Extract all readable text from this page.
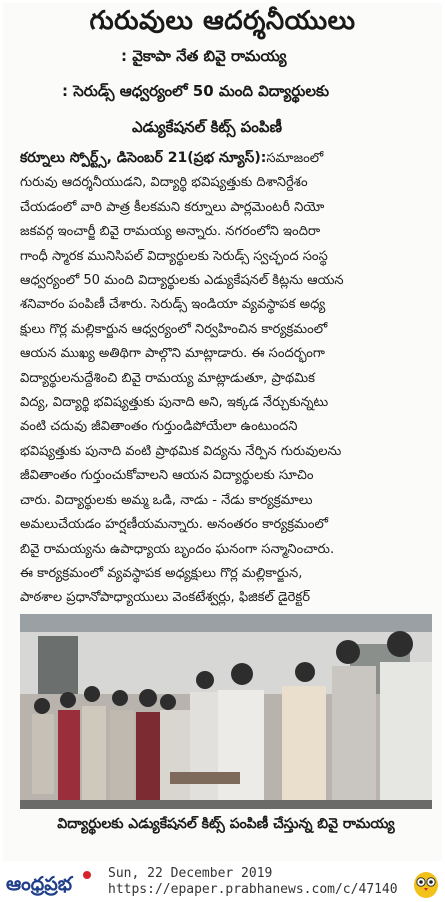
గురువులు ఆదర్శనీయులు
: వైకాపా నేత బివై రామయ్య
: సెరుడ్స్ ఆధ్వర్యంలో 50 మంది విద్యార్థులకు
ఎడ్యుకేషనల్ కిట్స్ పంపిణీ
కర్నూలు స్పోర్ట్స్, డిసెంబర్ 21(ప్రభ న్యూస్):సమాజంలో
గురువు ఆదర్శనీయుడని, విద్యార్థి భవిష్యత్తుకు దిశానిర్దేశం
చేయడంలో వారి పాత్ర కీలకమని కర్నూలు పార్లమెంటరీ నియో
జకవర్గ ఇంచార్జీ బివై రామయ్య అన్నారు. నగరంలోని ఇందిరా
గాంధీ స్మారక మునిసిపల్ విద్యార్థులకు సెరుడ్స్ స్వచ్ఛంద సంస్థ
ఆధ్వర్యంలో 50 మంది విద్యార్థులకు ఎడ్యుకేషనల్ కిట్లను ఆయన
శనివారం పంపిణీ చేశారు. సెరుడ్స్ ఇండియా వ్యవస్థాపక అధ్య
క్షులు గొర్ల మల్లికార్జున ఆధ్వర్యంలో నిర్వహించిన కార్యక్రమంలో
ఆయన ముఖ్య అతిథిగా పాల్గొని మాట్లాడారు. ఈ సందర్భంగా
విద్యార్థులనుద్దేశించి బివై రామయ్య మాట్లాడుతూ, ప్రాథమిక
విద్య, విద్యార్థి భవిష్యత్తుకు పునాది అని, ఇక్కడ నేర్చుకున్నటు
వంటి చదువు జీవితాంతం గుర్తుండిపోయేలా ఉంటుందని
భవిష్యత్తుకు పునాది వంటి ప్రాథమిక విద్యను నేర్పిన గురువులను
జీవితాంతం గుర్తుంచుకోవాలని ఆయన విద్యార్థులకు సూచిం
చారు. విద్యార్థులకు అమ్మ ఒడి, నాడు - నేడు కార్యక్రమాలు
అమలుచేయడం హర్షణీయమన్నారు. అనంతరం కార్యక్రమంలో
బివై రామయ్యను ఉపాధ్యాయ బృందం ఘనంగా సన్మానించారు.
ఈ కార్యక్రమంలో వ్యవస్థాపక అధ్యక్షులు గొర్ల మల్లికార్జున,
పాఠశాల ప్రధానోపాధ్యాయులు వెంకటేశ్వర్లు, ఫిజికల్ డైరెక్టర్
విద్యార్థులకు ఎడ్యుకేషనల్ కిట్స్ పంపిణీ చేస్తున్న బివై రామయ్య
ఆంధ్రప్రభ	Sun, 22 December 2019
https://epaper.prabhanews.com/c/47140
